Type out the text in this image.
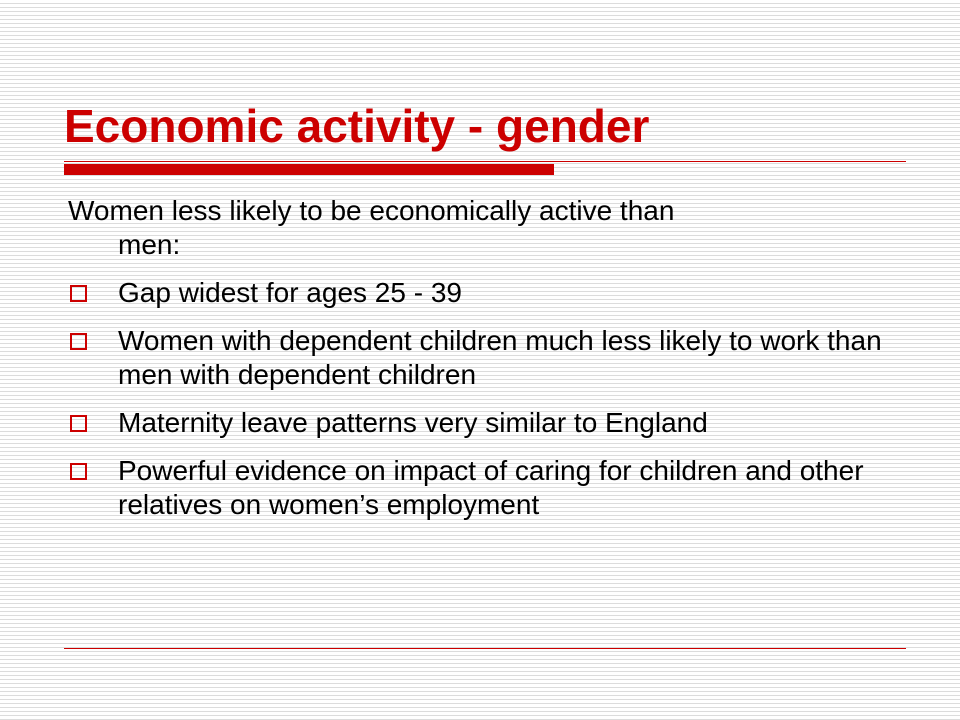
Economic activity - gender

Women less likely to be economically active than
men:

Gap widest for ages 25 - 39
Women with dependent children much less likely to work than men with dependent children
Maternity leave patterns very similar to England
Powerful evidence on impact of caring for children and other relatives on women’s employment
